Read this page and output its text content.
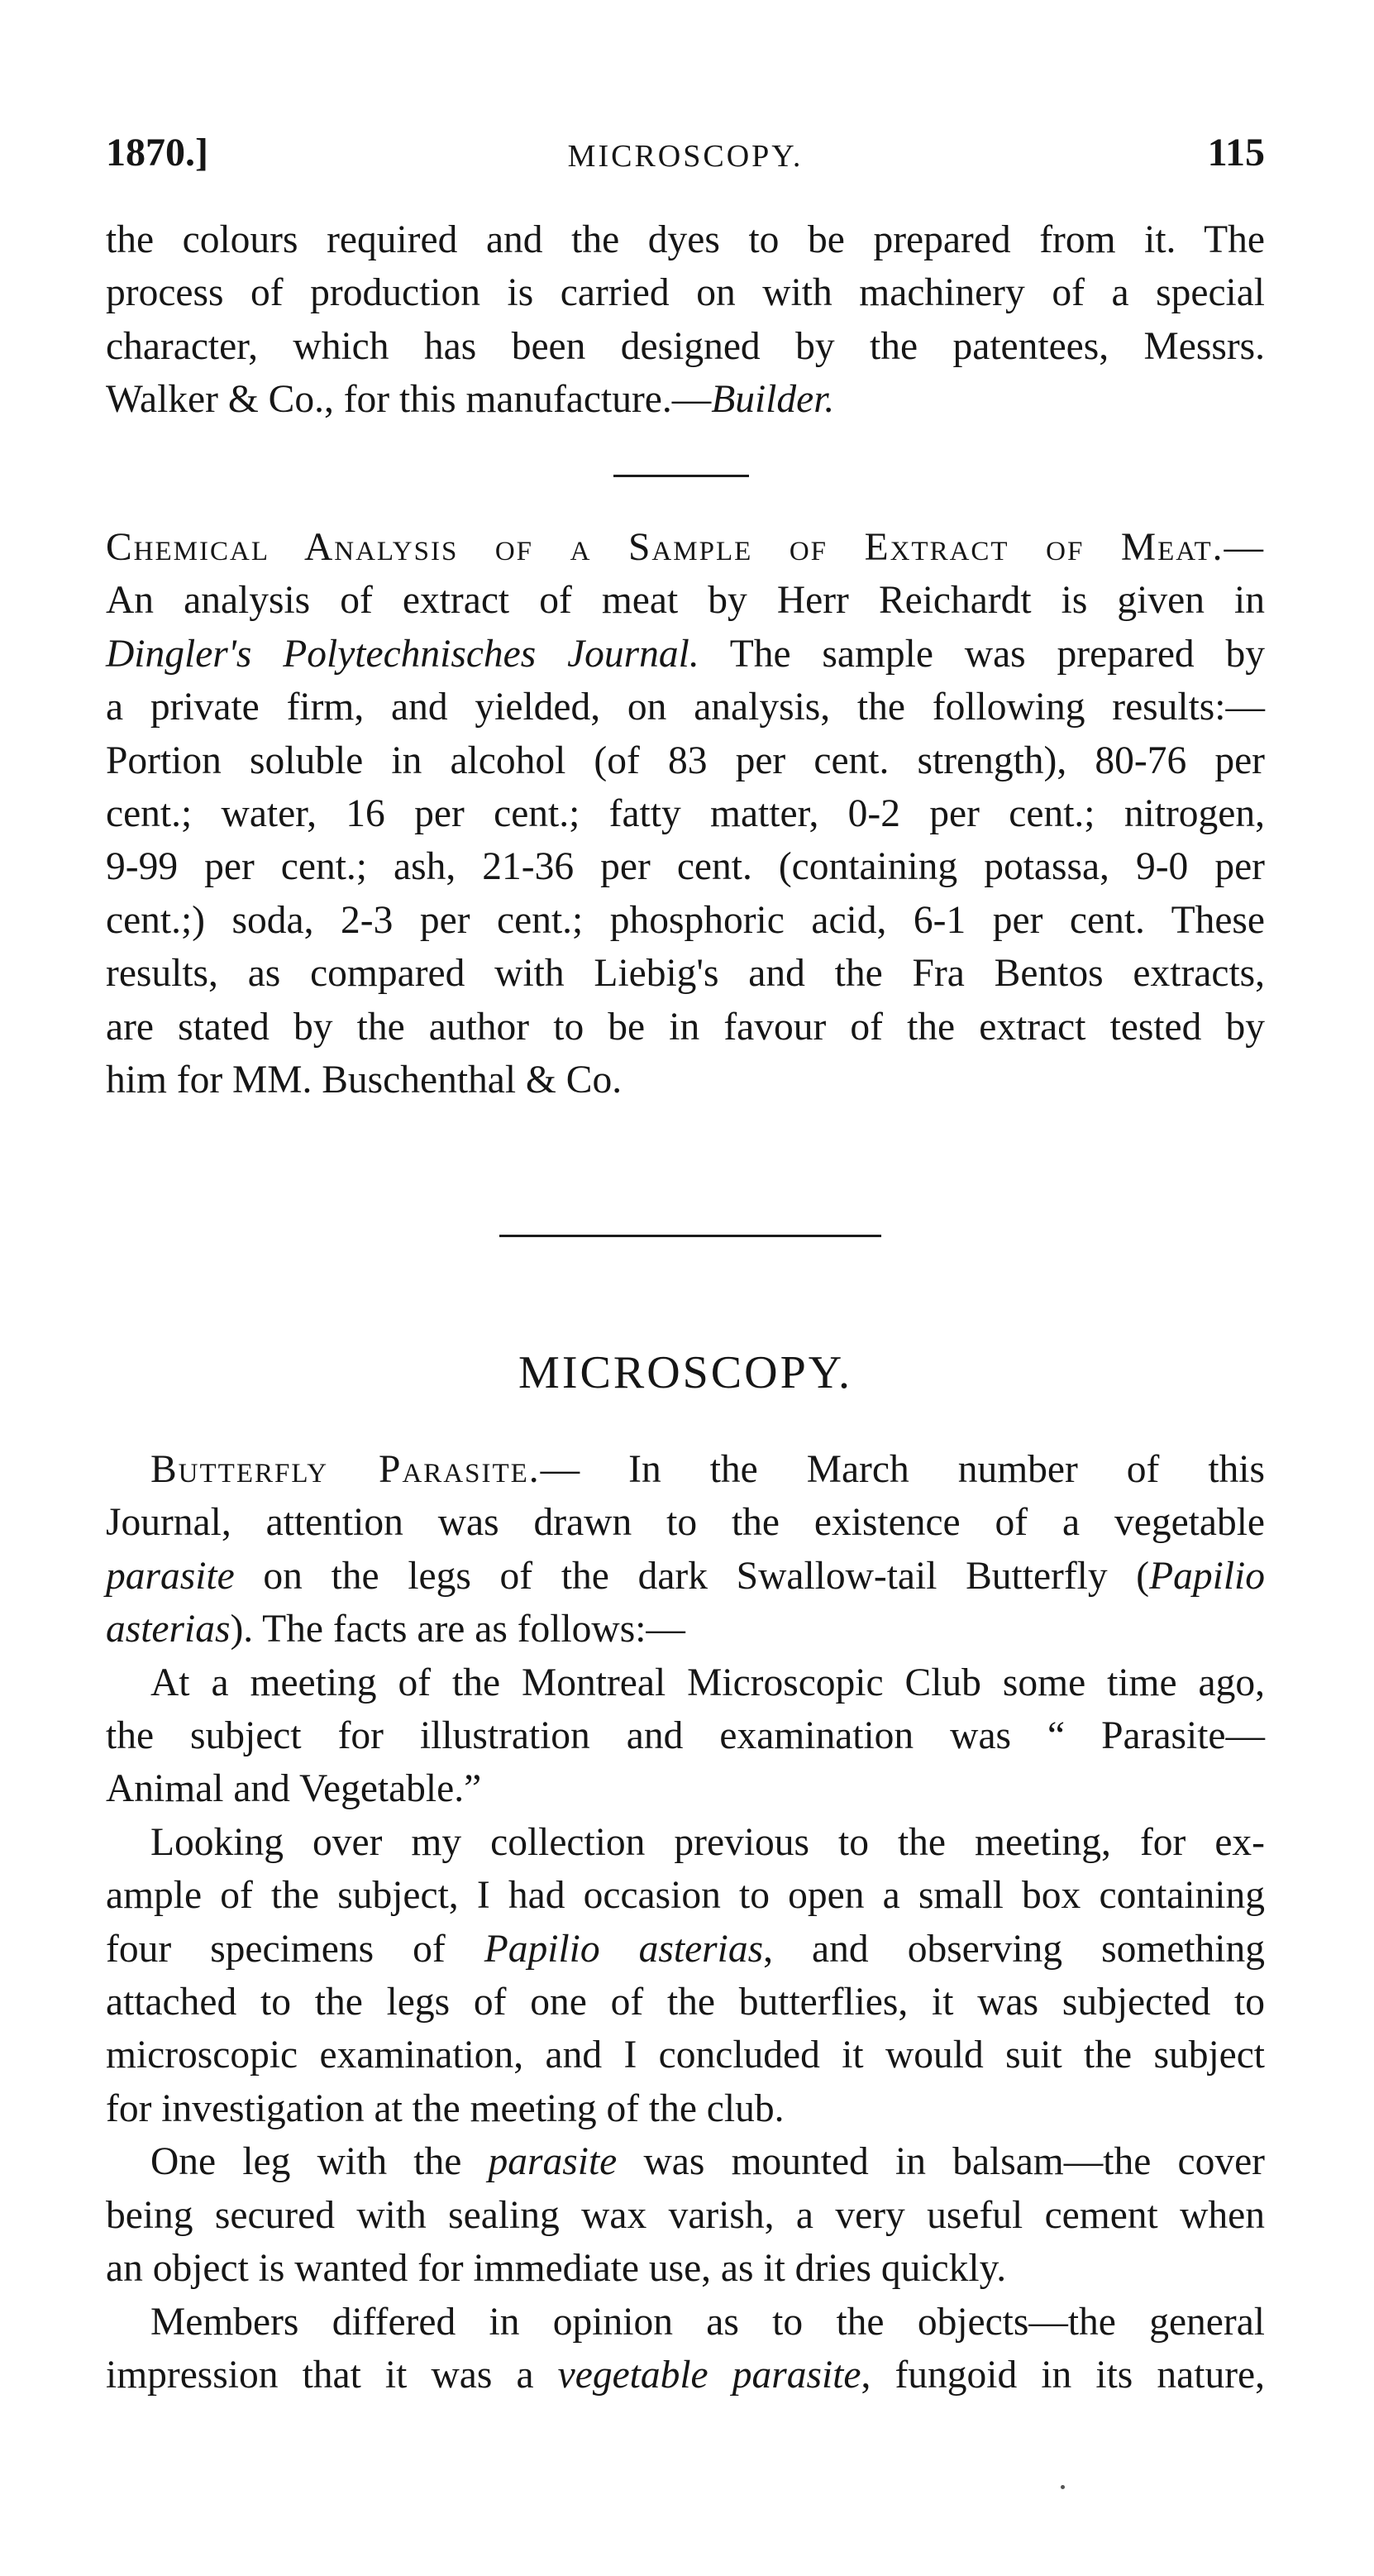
1870.]	MICROSCOPY.	115
the colours required and the dyes to be prepared from it. The
process of production is carried on with machinery of a special
character, which has been designed by the patentees, Messrs.
Walker & Co., for this manufacture.—Builder.
Chemical Analysis of a Sample of Extract of Meat.—
An analysis of extract of meat by Herr Reichardt is given in
Dingler's Polytechnisches Journal. The sample was prepared by
a private firm, and yielded, on analysis, the following results:—
Portion soluble in alcohol (of 83 per cent. strength), 80-76 per
cent.; water, 16 per cent.; fatty matter, 0-2 per cent.; nitrogen,
9-99 per cent.; ash, 21-36 per cent. (containing potassa, 9-0 per
cent.;) soda, 2-3 per cent.; phosphoric acid, 6-1 per cent. These
results, as compared with Liebig's and the Fra Bentos extracts,
are stated by the author to be in favour of the extract tested by
him for MM. Buschenthal & Co.
MICROSCOPY.
Butterfly Parasite.— In the March number of this
Journal, attention was drawn to the existence of a vegetable
parasite on the legs of the dark Swallow-tail Butterfly (Papilio
asterias). The facts are as follows:—
At a meeting of the Montreal Microscopic Club some time ago,
the subject for illustration and examination was “ Parasite—
Animal and Vegetable.”
Looking over my collection previous to the meeting, for ex-
ample of the subject, I had occasion to open a small box containing
four specimens of Papilio asterias, and observing something
attached to the legs of one of the butterflies, it was subjected to
microscopic examination, and I concluded it would suit the subject
for investigation at the meeting of the club.
One leg with the parasite was mounted in balsam—the cover
being secured with sealing wax varish, a very useful cement when
an object is wanted for immediate use, as it dries quickly.
Members differed in opinion as to the objects—the general
impression that it was a vegetable parasite, fungoid in its nature,
